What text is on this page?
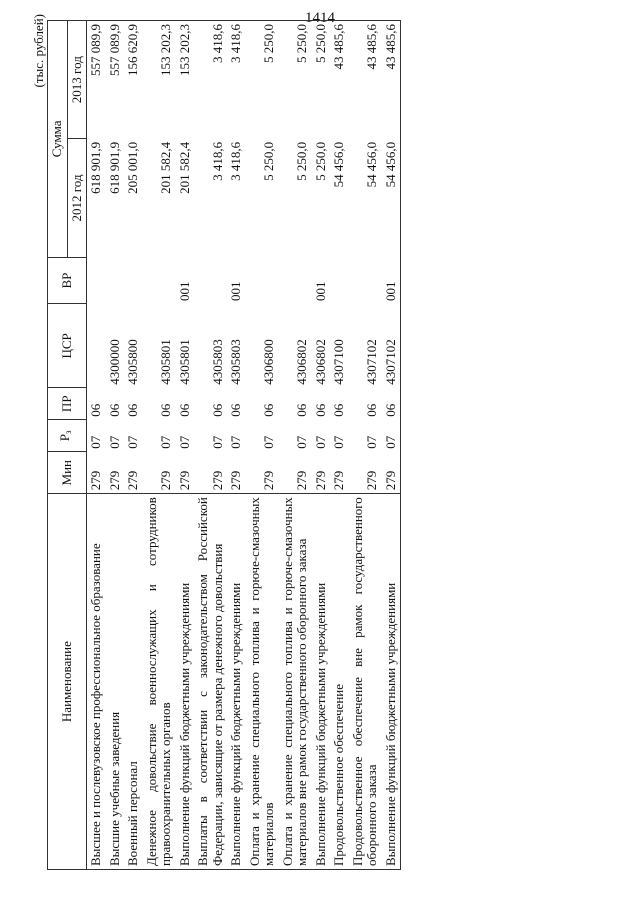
1414
(тыс. рублей)
Наименование	Мин	$Р_з$	ПР	ЦСР	ВР	Сумма	
						2012 год	2013 год
Высшее и послевузовское профессиональное образование	279	07	06			618 901,9	557 089,9
Высшие учебные заведения	279	07	06	4300000		618 901,9	557 089,9
Военный персонал	279	07	06	4305800		205 001,0	156 620,9
Денежное довольствие военнослужащих и сотрудников правоохранительных органов	279	07	06	4305801		201 582,4	153 202,3
Выполнение функций бюджетными учреждениями	279	07	06	4305801	001	201 582,4	153 202,3
Выплаты в соответствии с законодательством Российской Федерации, зависящие от размера денежного довольствия	279	07	06	4305803		3 418,6	3 418,6
Выполнение функций бюджетными учреждениями	279	07	06	4305803	001	3 418,6	3 418,6
Оплата и хранение специального топлива и горюче-смазочных материалов	279	07	06	4306800		5 250,0	5 250,0
Оплата и хранение специального топлива и горюче-смазочных материалов вне рамок государственного оборонного заказа	279	07	06	4306802		5 250,0	5 250,0
Выполнение функций бюджетными учреждениями	279	07	06	4306802	001	5 250,0	5 250,0
Продовольственное обеспечение	279	07	06	4307100		54 456,0	43 485,6
Продовольственное обеспечение вне рамок государственного оборонного заказа	279	07	06	4307102		54 456,0	43 485,6
Выполнение функций бюджетными учреждениями	279	07	06	4307102	001	54 456,0	43 485,6
